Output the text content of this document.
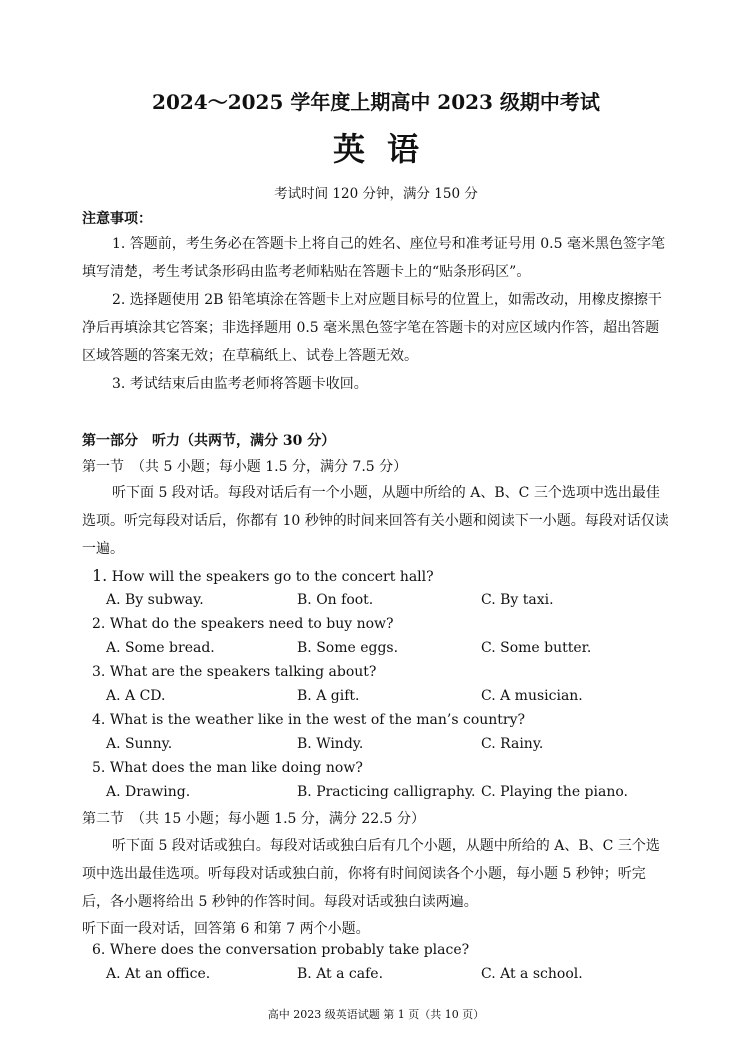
2024～2025 学年度上期高中 2023 级期中考试
英语
考试时间 120 分钟，满分 150 分
注意事项：

1. 答题前，考生务必在答题卡上将自己的姓名、座位号和准考证号用 0.5 毫米黑色签字笔填写清楚，考生考试条形码由监考老师粘贴在答题卡上的“贴条形码区”。

2. 选择题使用 2B 铅笔填涂在答题卡上对应题目标号的位置上，如需改动，用橡皮擦擦干净后再填涂其它答案；非选择题用 0.5 毫米黑色签字笔在答题卡的对应区域内作答，超出答题区域答题的答案无效；在草稿纸上、试卷上答题无效。

3. 考试结束后由监考老师将答题卡收回。

第一部分　听力（共两节，满分 30 分）
第一节　（共 5 小题；每小题 1.5 分，满分 7.5 分）

听下面 5 段对话。每段对话后有一个小题，从题中所给的 A、B、C 三个选项中选出最佳选项。听完每段对话后，你都有 10 秒钟的时间来回答有关小题和阅读下一小题。每段对话仅读一遍。

1. How will the speakers go to the concert hall?
A. By subway.	B. On foot.	C. By taxi.
2. What do the speakers need to buy now?
A. Some bread.	B. Some eggs.	C. Some butter.
3. What are the speakers talking about?
A. A CD.	B. A gift.	C. A musician.
4. What is the weather like in the west of the man’s country?
A. Sunny.	B. Windy.	C. Rainy.
5. What does the man like doing now?
A. Drawing.	B. Practicing calligraphy. C. Playing the piano.
第二节　（共 15 小题；每小题 1.5 分，满分 22.5 分）

听下面 5 段对话或独白。每段对话或独白后有几个小题，从题中所给的 A、B、C 三个选项中选出最佳选项。听每段对话或独白前，你将有时间阅读各个小题，每小题 5 秒钟；听完后，各小题将给出 5 秒钟的作答时间。每段对话或独白读两遍。

听下面一段对话，回答第 6 和第 7 两个小题。
6. Where does the conversation probably take place?
A. At an office.	B. At a cafe.	C. At a school.
高中 2023 级英语试题 第 1 页（共 10 页）
